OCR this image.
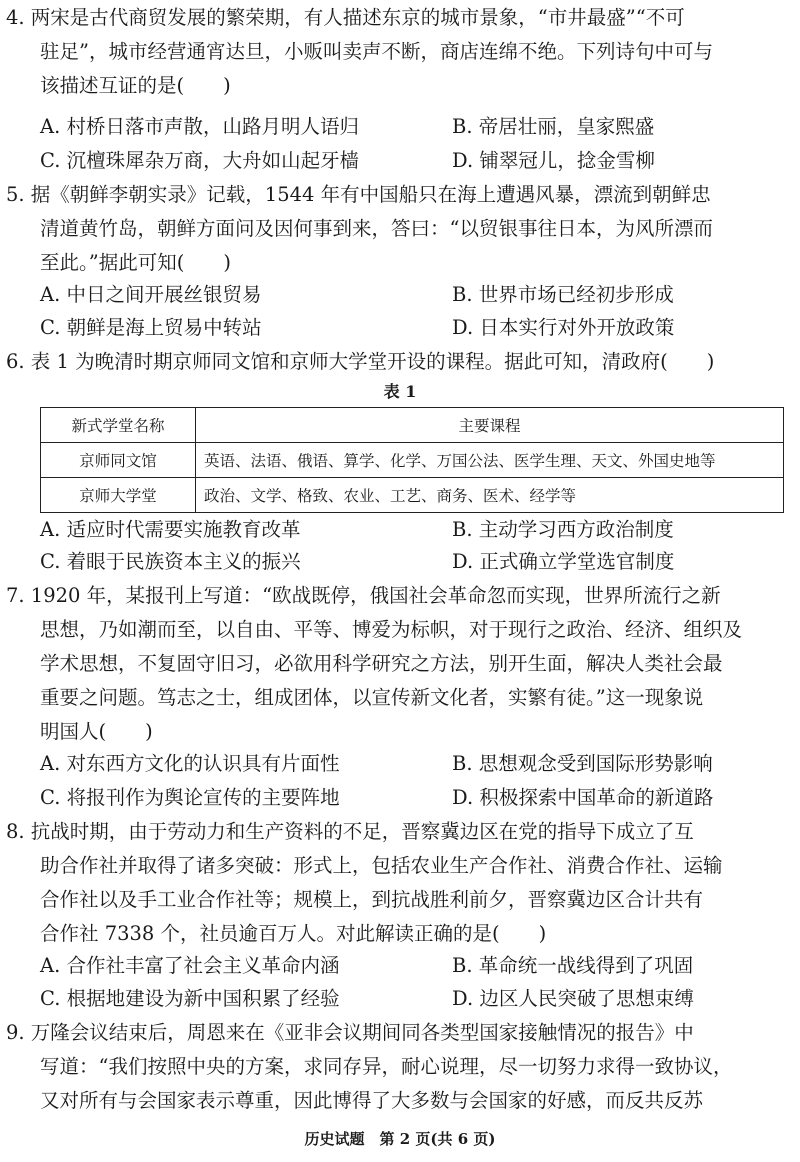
4. 两宋是古代商贸发展的繁荣期，有人描述东京的城市景象，“市井最盛”“不可
驻足”，城市经营通宵达旦，小贩叫卖声不断，商店连绵不绝。下列诗句中可与
该描述互证的是(　　)
A. 村桥日落市声散，山路月明人语归	B. 帝居壮丽，皇家熙盛
C. 沉檀珠犀杂万商，大舟如山起牙樯	D. 铺翠冠儿，捻金雪柳
5. 据《朝鲜李朝实录》记载，1544 年有中国船只在海上遭遇风暴，漂流到朝鲜忠
清道黄竹岛，朝鲜方面问及因何事到来，答曰：“以贸银事往日本，为风所漂而
至此。”据此可知(　　)
A. 中日之间开展丝银贸易	B. 世界市场已经初步形成
C. 朝鲜是海上贸易中转站	D. 日本实行对外开放政策
6. 表 1 为晚清时期京师同文馆和京师大学堂开设的课程。据此可知，清政府(　　)
表 1
新式学堂名称	主要课程
京师同文馆	英语、法语、俄语、算学、化学、万国公法、医学生理、天文、外国史地等
京师大学堂	政治、文学、格致、农业、工艺、商务、医术、经学等
A. 适应时代需要实施教育改革	B. 主动学习西方政治制度
C. 着眼于民族资本主义的振兴	D. 正式确立学堂选官制度
7. 1920 年，某报刊上写道：“欧战既停，俄国社会革命忽而实现，世界所流行之新
思想，乃如潮而至，以自由、平等、博爱为标帜，对于现行之政治、经济、组织及
学术思想，不复固守旧习，必欲用科学研究之方法，别开生面，解决人类社会最
重要之问题。笃志之士，组成团体，以宣传新文化者，实繁有徒。”这一现象说
明国人(　　)
A. 对东西方文化的认识具有片面性	B. 思想观念受到国际形势影响
C. 将报刊作为舆论宣传的主要阵地	D. 积极探索中国革命的新道路
8. 抗战时期，由于劳动力和生产资料的不足，晋察冀边区在党的指导下成立了互
助合作社并取得了诸多突破：形式上，包括农业生产合作社、消费合作社、运输
合作社以及手工业合作社等；规模上，到抗战胜利前夕，晋察冀边区合计共有
合作社 7338 个，社员逾百万人。对此解读正确的是(　　)
A. 合作社丰富了社会主义革命内涵	B. 革命统一战线得到了巩固
C. 根据地建设为新中国积累了经验	D. 边区人民突破了思想束缚
9. 万隆会议结束后，周恩来在《亚非会议期间同各类型国家接触情况的报告》中
写道：“我们按照中央的方案，求同存异，耐心说理，尽一切努力求得一致协议，
又对所有与会国家表示尊重，因此博得了大多数与会国家的好感，而反共反苏
历史试题　第 2 页(共 6 页)
